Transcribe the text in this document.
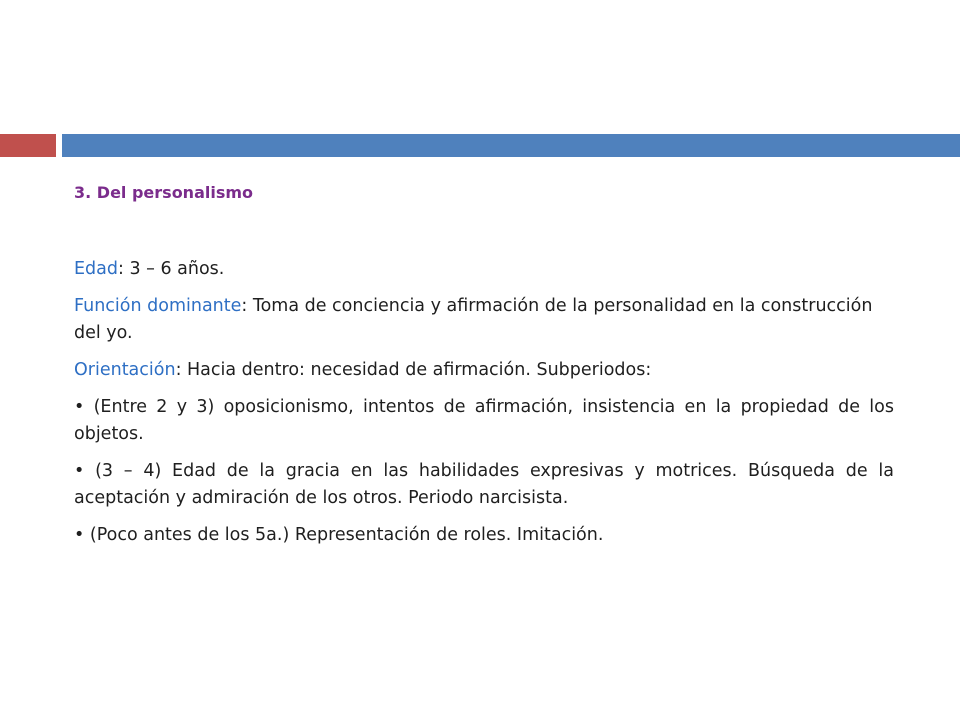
3. Del personalismo

Edad: 3 – 6 años.

Función dominante: Toma de conciencia y afirmación de la personalidad en la construcción del yo.

Orientación: Hacia dentro: necesidad de afirmación. Subperiodos:

• (Entre 2 y 3) oposicionismo, intentos de afirmación, insistencia en la propiedad de los objetos.

• (3 – 4) Edad de la gracia en las habilidades expresivas y motrices. Búsqueda de la aceptación y admiración de los otros. Periodo narcisista.

• (Poco antes de los 5a.) Representación de roles. Imitación.
